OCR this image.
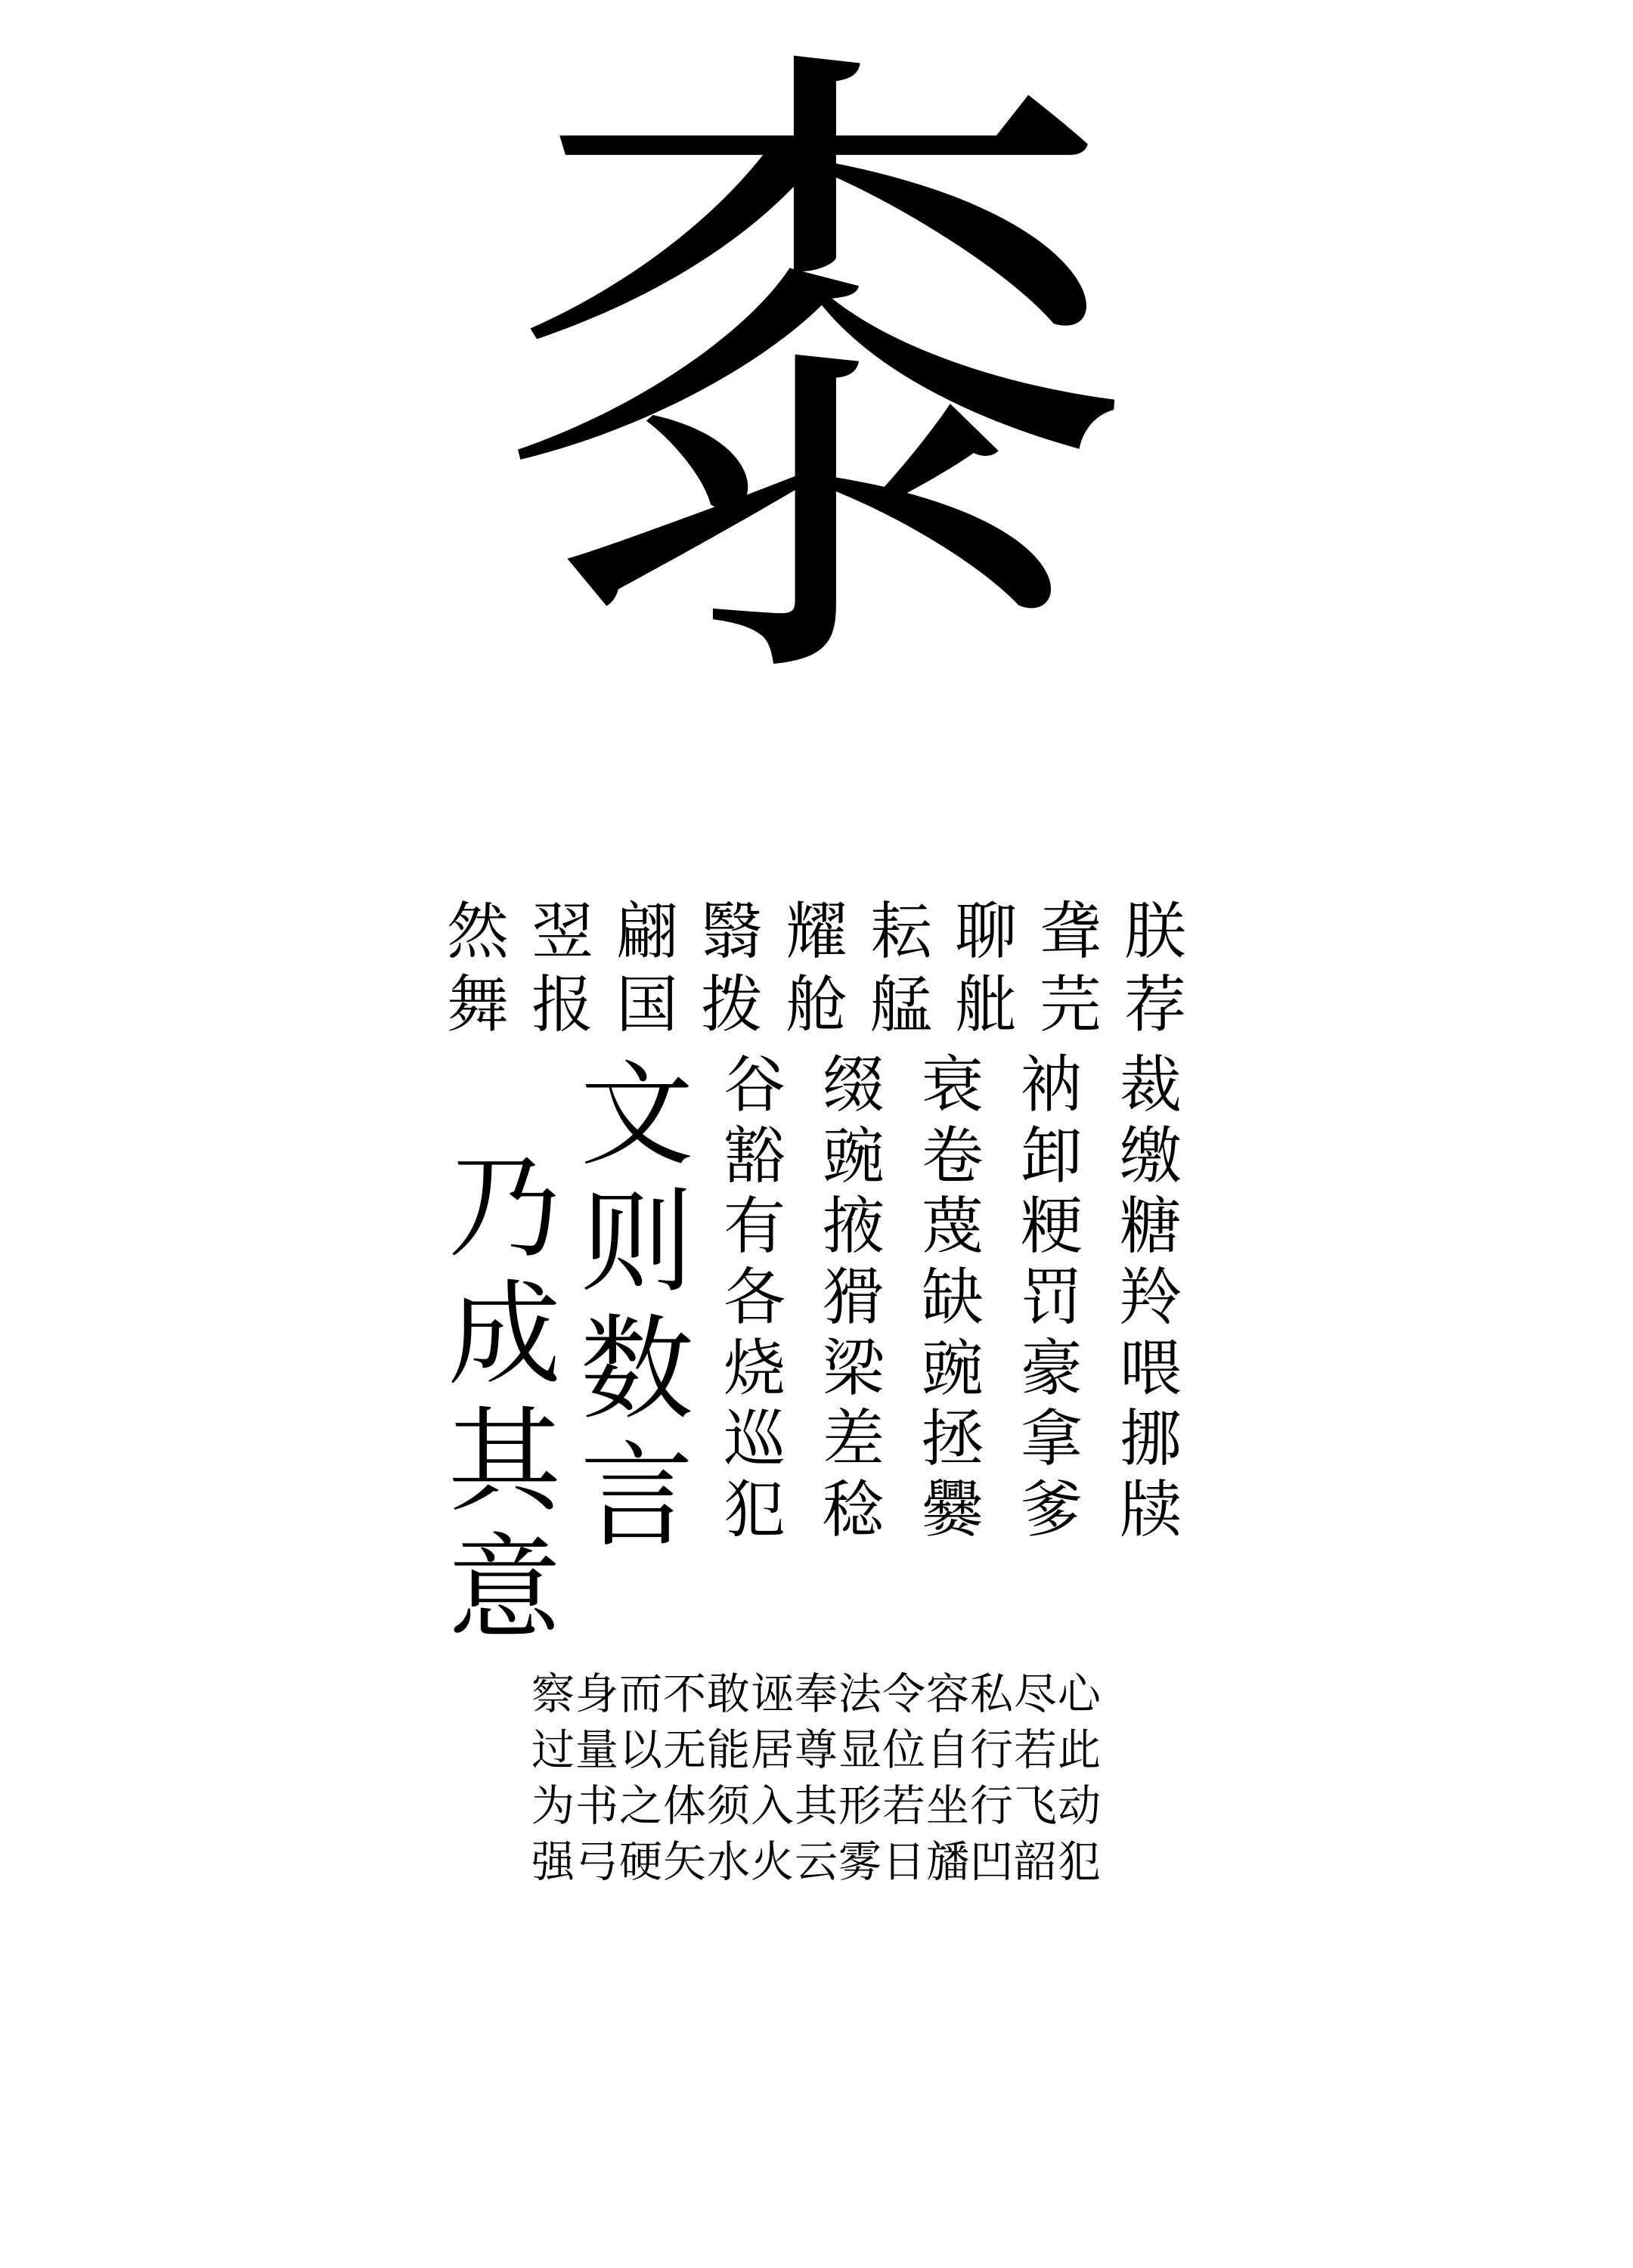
桼
然 翌 翩 翳 耀 耘 聊 聋 朕
舞 报 国 拨 舱 艋 舭 芫 荐
乃
成
其
意
文
则
数
言
谷 缀 衰 衲 裁
豁 豌 卷 卸 缴
有 掖 蔑 粳 糖
各 猾 缺 罚 羚
烧 梁 豌 豪 喂
巡 差 拯 拿 挪
犯 稔 爨 爹 牍
察身而不敢诬奉法令容私尽心
过量以无能居尊显位自行若此
为书之体须入其形若坐行飞动
强弓硬矢水火云雾日旙凹韶犯
